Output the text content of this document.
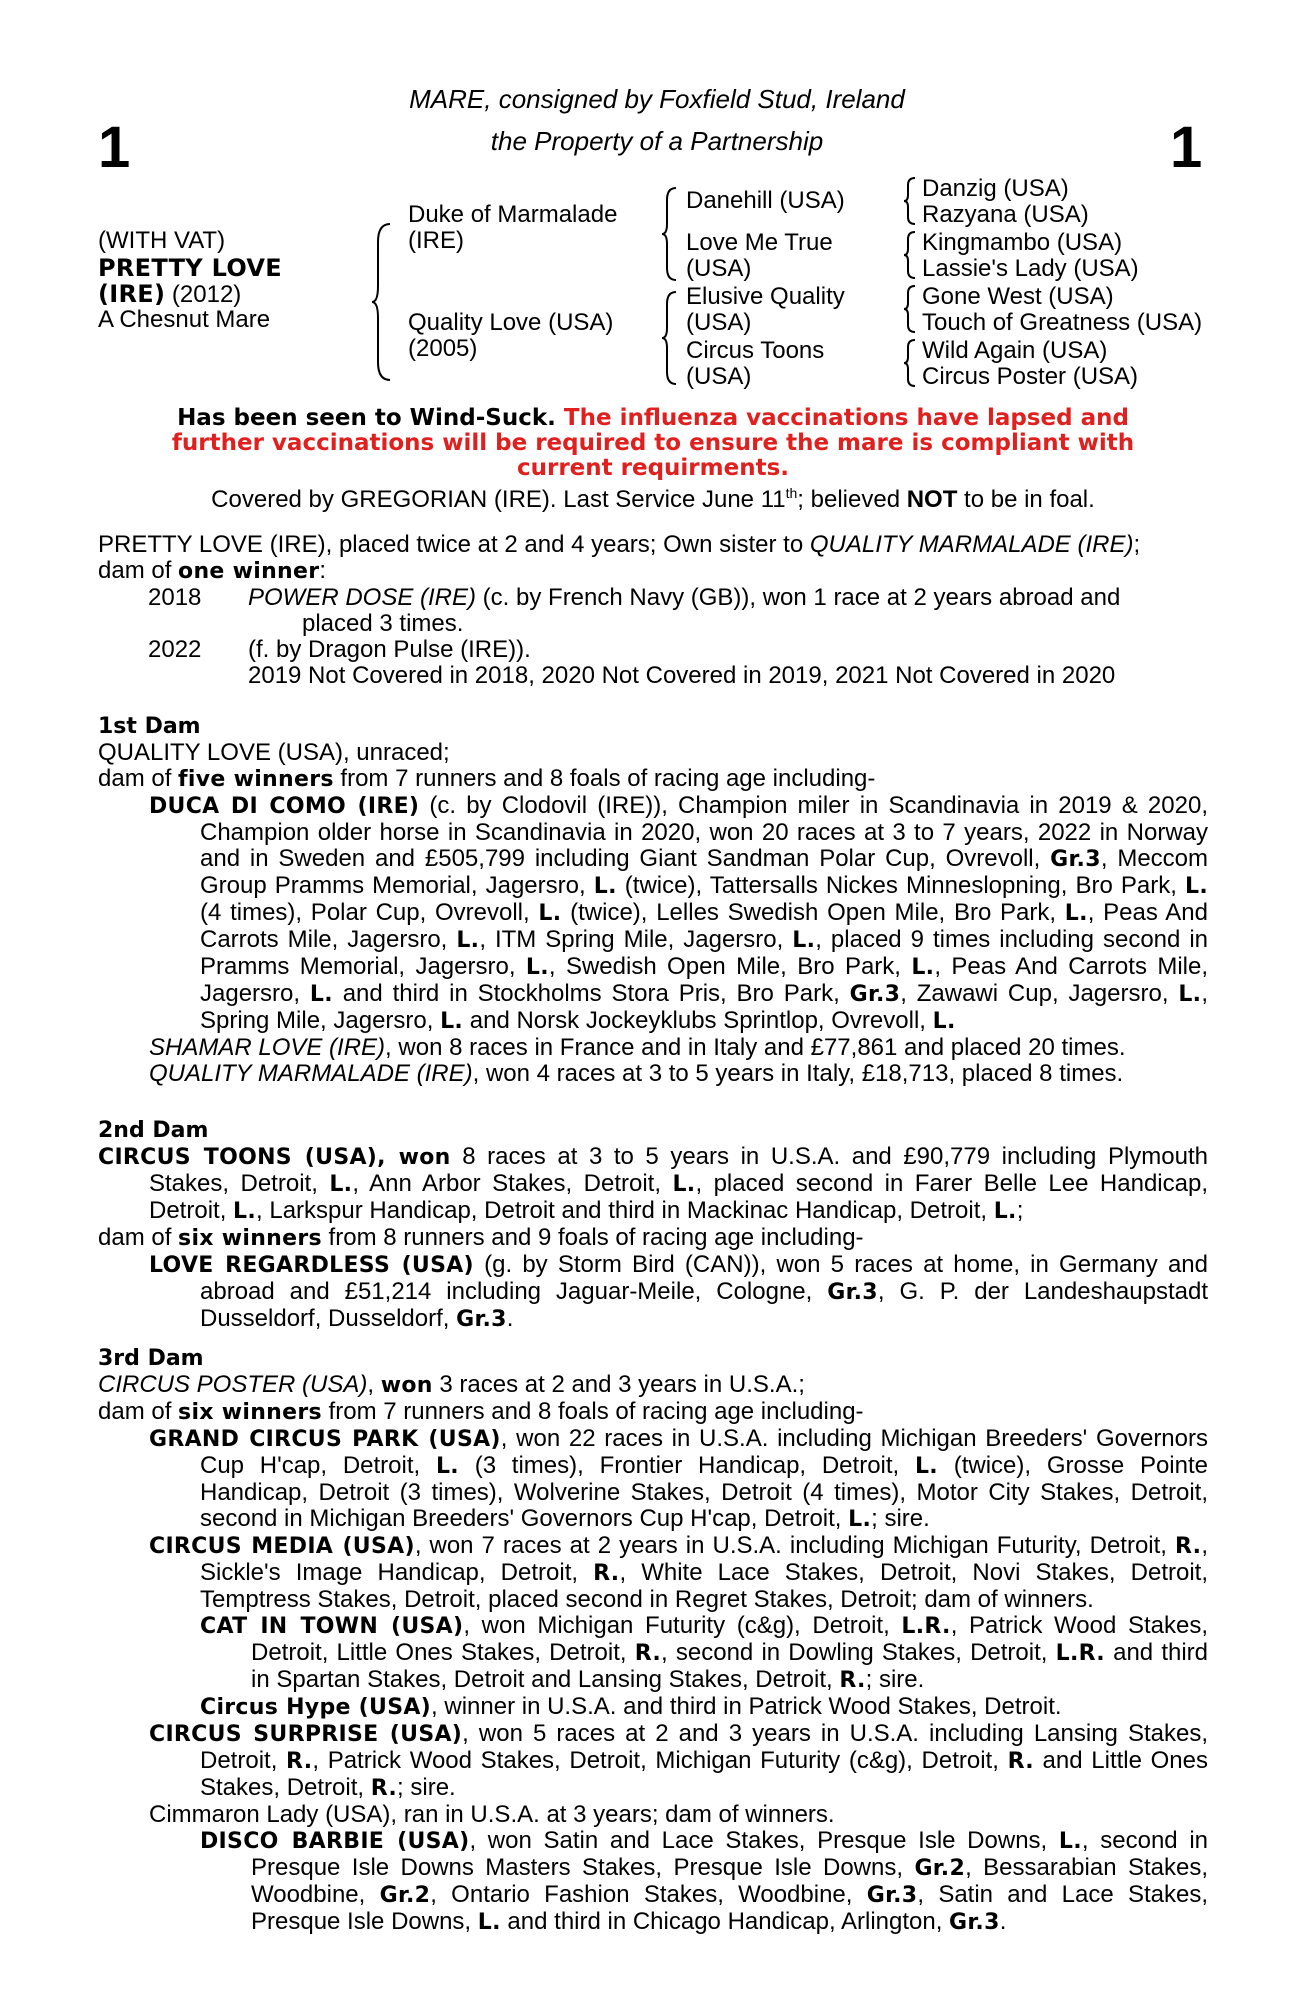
1	1
MARE, consigned by Foxfield Stud, Ireland
the Property of a Partnership
(WITH VAT)
PRETTY LOVE
(IRE) (2012)
A Chesnut Mare
Duke of Marmalade
(IRE)
Quality Love (USA)
(2005)
Danehill (USA)
Love Me True
(USA)
Elusive Quality
(USA)
Circus Toons
(USA)
Danzig (USA)
Razyana (USA)
Kingmambo (USA)
Lassie's Lady (USA)
Gone West (USA)
Touch of Greatness (USA)
Wild Again (USA)
Circus Poster (USA)
Has been seen to Wind-Suck. The influenza vaccinations have lapsed and
further vaccinations will be required to ensure the mare is compliant with
current requirments.
Covered by GREGORIAN (IRE). Last Service June 11th; believed NOT to be in foal.

PRETTY LOVE (IRE), placed twice at 2 and 4 years; Own sister to QUALITY MARMALADE (IRE);

dam of one winner:

2018 POWER DOSE (IRE) (c. by French Navy (GB)), won 1 race at 2 years abroad and

placed 3 times.

2022 (f. by Dragon Pulse (IRE)).

2019 Not Covered in 2018, 2020 Not Covered in 2019, 2021 Not Covered in 2020

1st Dam

QUALITY LOVE (USA), unraced;

dam of five winners from 7 runners and 8 foals of racing age including-

DUCA DI COMO (IRE) (c. by Clodovil (IRE)), Champion miler in Scandinavia in 2019 & 2020, Champion older horse in Scandinavia in 2020, won 20 races at 3 to 7 years, 2022 in Norway and in Sweden and £505,799 including Giant Sandman Polar Cup, Ovrevoll, Gr.3, Meccom Group Pramms Memorial, Jagersro, L. (twice), Tattersalls Nickes Minneslopning, Bro Park, L. (4 times), Polar Cup, Ovrevoll, L. (twice), Lelles Swedish Open Mile, Bro Park, L., Peas And Carrots Mile, Jagersro, L., ITM Spring Mile, Jagersro, L., placed 9 times including second in Pramms Memorial, Jagersro, L., Swedish Open Mile, Bro Park, L., Peas And Carrots Mile, Jagersro, L. and third in Stockholms Stora Pris, Bro Park, Gr.3, Zawawi Cup, Jagersro, L., Spring Mile, Jagersro, L. and Norsk Jockeyklubs Sprintlop, Ovrevoll, L.

SHAMAR LOVE (IRE), won 8 races in France and in Italy and £77,861 and placed 20 times.

QUALITY MARMALADE (IRE), won 4 races at 3 to 5 years in Italy, £18,713, placed 8 times.

2nd Dam

CIRCUS TOONS (USA), won 8 races at 3 to 5 years in U.S.A. and £90,779 including Plymouth Stakes, Detroit, L., Ann Arbor Stakes, Detroit, L., placed second in Farer Belle Lee Handicap, Detroit, L., Larkspur Handicap, Detroit and third in Mackinac Handicap, Detroit, L.;

dam of six winners from 8 runners and 9 foals of racing age including-

LOVE REGARDLESS (USA) (g. by Storm Bird (CAN)), won 5 races at home, in Germany and abroad and £51,214 including Jaguar-Meile, Cologne, Gr.3, G. P. der Landeshaupstadt Dusseldorf, Dusseldorf, Gr.3.

3rd Dam

CIRCUS POSTER (USA), won 3 races at 2 and 3 years in U.S.A.;

dam of six winners from 7 runners and 8 foals of racing age including-

GRAND CIRCUS PARK (USA), won 22 races in U.S.A. including Michigan Breeders' Governors Cup H'cap, Detroit, L. (3 times), Frontier Handicap, Detroit, L. (twice), Grosse Pointe Handicap, Detroit (3 times), Wolverine Stakes, Detroit (4 times), Motor City Stakes, Detroit, second in Michigan Breeders' Governors Cup H'cap, Detroit, L.; sire.

CIRCUS MEDIA (USA), won 7 races at 2 years in U.S.A. including Michigan Futurity, Detroit, R., Sickle's Image Handicap, Detroit, R., White Lace Stakes, Detroit, Novi Stakes, Detroit, Temptress Stakes, Detroit, placed second in Regret Stakes, Detroit; dam of winners.

CAT IN TOWN (USA), won Michigan Futurity (c&g), Detroit, L.R., Patrick Wood Stakes, Detroit, Little Ones Stakes, Detroit, R., second in Dowling Stakes, Detroit, L.R. and third in Spartan Stakes, Detroit and Lansing Stakes, Detroit, R.; sire.

Circus Hype (USA), winner in U.S.A. and third in Patrick Wood Stakes, Detroit.

CIRCUS SURPRISE (USA), won 5 races at 2 and 3 years in U.S.A. including Lansing Stakes, Detroit, R., Patrick Wood Stakes, Detroit, Michigan Futurity (c&g), Detroit, R. and Little Ones Stakes, Detroit, R.; sire.

Cimmaron Lady (USA), ran in U.S.A. at 3 years; dam of winners.

DISCO BARBIE (USA), won Satin and Lace Stakes, Presque Isle Downs, L., second in Presque Isle Downs Masters Stakes, Presque Isle Downs, Gr.2, Bessarabian Stakes, Woodbine, Gr.2, Ontario Fashion Stakes, Woodbine, Gr.3, Satin and Lace Stakes, Presque Isle Downs, L. and third in Chicago Handicap, Arlington, Gr.3.
